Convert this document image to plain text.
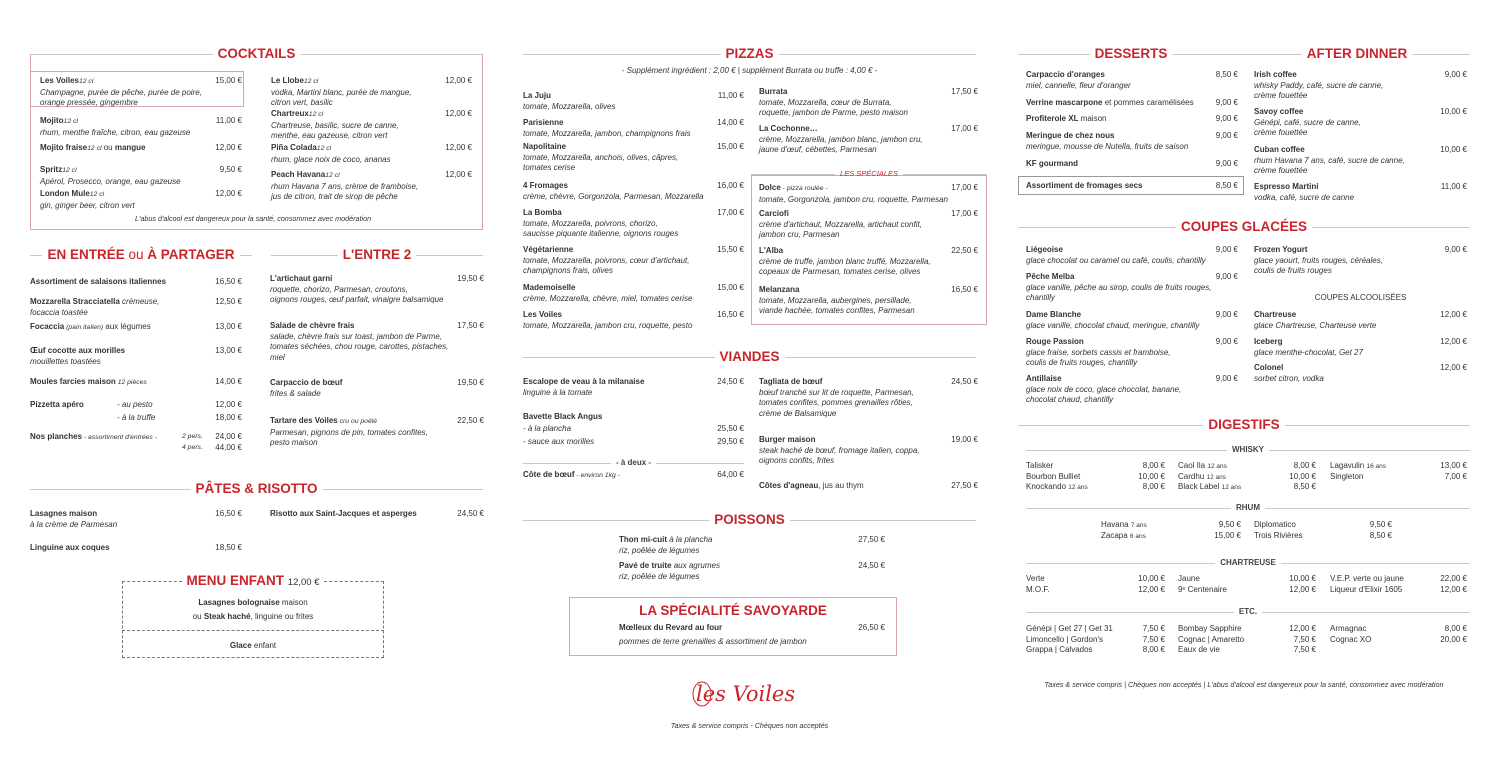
COCKTAILS
Les Voiles12 cl
Champagne, purée de pêche, purée de poire,
orange pressée, gingembre
15,00 €
Mojito12 cl
rhum, menthe fraîche, citron, eau gazeuse
11,00 €
Mojito fraise12 cl ou mangue	12,00 €
Spritz12 cl
Apérol, Prosecco, orange, eau gazeuse
9,50 €
London Mule12 cl
gin, ginger beer, citron vert
12,00 €
Le Llobe12 cl
vodka, Martini blanc, purée de mangue,
citron vert, basilic
12,00 €
Chartreux12 cl
Chartreuse, basilic, sucre de canne,
menthe, eau gazeuse, citron vert
12,00 €
Piña Colada12 cl
rhum, glace noix de coco, ananas
12,00 €
Peach Havana12 cl
rhum Havana 7 ans, crème de framboise,
jus de citron, trait de sirop de pêche
12,00 €
L'abus d'alcool est dangereux pour la santé, consommez avec modération
EN ENTRÉE ou À PARTAGER
Assortiment de salaisons italiennes	16,50 €
Mozzarella Stracciatella crémeuse,
focaccia toastée
12,50 €
Focaccia (pain italien) aux légumes	13,00 €
Œuf cocotte aux morilles
mouillettes toastées
13,00 €
Moules farcies maison 12 pièces	14,00 €
Pizzetta apéro	- au pesto	12,00 €
- à la truffe	18,00 €
Nos planches - assortiment d'entrées -	2 pers.	24,00 €
4 pers.	44,00 €
L'ENTRE 2
L'artichaut garni
roquette, chorizo, Parmesan, croutons,
oignons rouges, œuf parfait, vinaigre balsamique
19,50 €
Salade de chèvre frais
salade, chèvre frais sur toast, jambon de Parme,
tomates séchées, chou rouge, carottes, pistaches,
miel
17,50 €
Carpaccio de bœuf
frites & salade
19,50 €
Tartare des Voiles cru ou poêlé
Parmesan, pignons de pin, tomates confites,
pesto maison
22,50 €
PÂTES & RISOTTO
Lasagnes maison
à la crème de Parmesan
16,50 €
Linguine aux coques	18,50 €
Risotto aux Saint-Jacques et asperges	24,50 €
MENU ENFANT 12,00 €
Lasagnes bolognaise maison
ou Steak haché, linguine ou frites
Glace enfant
PIZZAS
- Supplément ingrédient : 2,00 € | supplément Burrata ou truffe : 4,00 € -
La Juju
tomate, Mozzarella, olives
11,00 €
Parisienne
tomate, Mozzarella, jambon, champignons frais
14,00 €
Napolitaine
tomate, Mozzarella, anchois, olives, câpres,
tomates cerise
15,00 €
4 Fromages
crème, chèvre, Gorgonzola, Parmesan, Mozzarella
16,00 €
La Bomba
tomate, Mozzarella, poivrons, chorizo,
saucisse piquante italienne, oignons rouges
17,00 €
Végétarienne
tomate, Mozzarella, poivrons, cœur d'artichaut,
champignons frais, olives
15,50 €
Mademoiselle
crème, Mozzarella, chèvre, miel, tomates cerise
15,00 €
Les Voiles
tomate, Mozzarella, jambon cru, roquette, pesto
16,50 €
Burrata
tomate, Mozzarella, cœur de Burrata,
roquette, jambon de Parme, pesto maison
17,50 €
La Cochonne…
crème, Mozzarella, jambon blanc, jambon cru,
jaune d'œuf, cébettes, Parmesan
17,00 €
LES SPÉCIALES
Dolce - pizza roulée -
tomate, Gorgonzola, jambon cru, roquette, Parmesan
17,00 €
Carciofi
crème d'artichaut, Mozzarella, artichaut confit,
jambon cru, Parmesan
17,00 €
L'Alba
crème de truffe, jambon blanc truffé, Mozzarella,
copeaux de Parmesan, tomates cerise, olives
22,50 €
Melanzana
tomate, Mozzarella, aubergines, persillade,
viande hachée, tomates confites, Parmesan
16,50 €
VIANDES
Escalope de veau à la milanaise
linguine à la tomate
24,50 €
Bavette Black Angus
- à la plancha	25,50 €
- sauce aux morilles	29,50 €
- à deux -
Côte de bœuf - environ 1kg -	64,00 €
Tagliata de bœuf
bœuf tranché sur lit de roquette, Parmesan,
tomates confites, pommes grenailles rôties,
crème de Balsamique
24,50 €
Burger maison
steak haché de bœuf, fromage italien, coppa,
oignons confits, frites
19,00 €
Côtes d'agneau, jus au thym	27,50 €
POISSONS
Thon mi-cuit à la plancha
riz, poêlée de légumes
27,50 €
Pavé de truite aux agrumes
riz, poêlée de légumes
24,50 €
LA SPÉCIALITÉ SAVOYARDE
Mœlleux du Revard au four	26,50 €
pommes de terre grenailles & assortiment de jambon
les Voiles
Taxes & service compris - Chèques non acceptés
DESSERTS
Carpaccio d'oranges
miel, cannelle, fleur d'oranger
8,50 €
Verrine mascarpone et pommes caramélisées	9,00 €
Profiterole XL maison	9,00 €
Meringue de chez nous
meringue, mousse de Nutella, fruits de saison
9,00 €
KF gourmand	9,00 €
Assortiment de fromages secs	8,50 €
AFTER DINNER
Irish coffee
whisky Paddy, café, sucre de canne,
crème fouettée
9,00 €
Savoy coffee
Génépi, café, sucre de canne,
crème fouettée
10,00 €
Cuban coffee
rhum Havana 7 ans, café, sucre de canne,
crème fouettée
10,00 €
Espresso Martini
vodka, café, sucre de canne
11,00 €
COUPES GLACÉES
Liégeoise
glace chocolat ou caramel ou café, coulis, chantilly
9,00 €
Pêche Melba
glace vanille, pêche au sirop, coulis de fruits rouges,
chantilly
9,00 €
Dame Blanche
glace vanille, chocolat chaud, meringue, chantilly
9,00 €
Rouge Passion
glace fraise, sorbets cassis et framboise,
coulis de fruits rouges, chantilly
9,00 €
Antillaise
glace noix de coco, glace chocolat, banane,
chocolat chaud, chantilly
9,00 €
Frozen Yogurt
glace yaourt, fruits rouges, céréales,
coulis de fruits rouges
9,00 €
COUPES ALCOOLISÉES
Chartreuse
glace Chartreuse, Charteuse verte
12,00 €
Iceberg
glace menthe-chocolat, Get 27
12,00 €
Colonel
sorbet citron, vodka
12,00 €
DIGESTIFS
WHISKY
Talisker	8,00 €
Bourbon Bulliet	10,00 €
Knockando 12 ans	8,00 €
Caol Ila 12 ans	8,00 €
Cardhu 12 ans	10,00 €
Black Label 12 ans	8,50 €
Lagavulin 16 ans	13,00 €
Singleton	7,00 €
RHUM
Havana 7 ans	9,50 €
Zacapa 6 ans	15,00 €
Diplomatico	9,50 €
Trois Rivières	8,50 €
CHARTREUSE
Verte	10,00 €
M.O.F.	12,00 €
Jaune	10,00 €
9ᵉ Centenaire	12,00 €
V.E.P. verte ou jaune	22,00 €
Liqueur d'Elixir 1605	12,00 €
ETC.
Génépi | Get 27 | Get 31	7,50 €
Limoncello | Gordon's	7,50 €
Grappa | Calvados	8,00 €
Bombay Sapphire	12,00 €
Cognac | Amaretto	7,50 €
Eaux de vie	7,50 €
Armagnac	8,00 €
Cognac XO	20,00 €
Taxes & service compris | Chèques non acceptés | L'abus d'alcool est dangereux pour la santé, consommez avec modération
